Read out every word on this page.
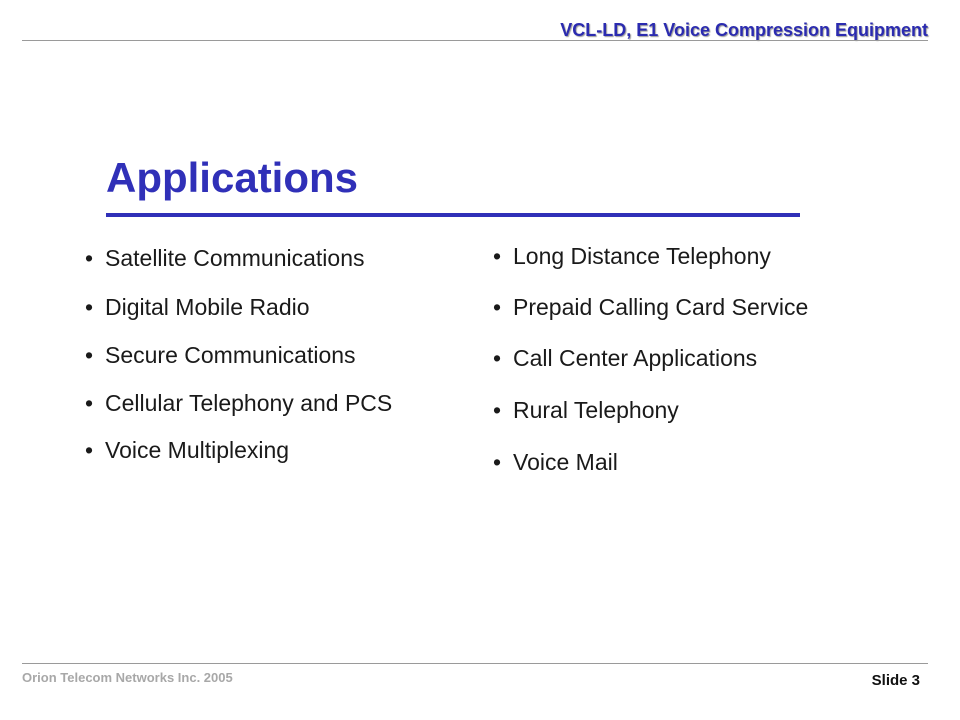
VCL-LD, E1 Voice Compression Equipment
Applications
• Satellite Communications
• Digital Mobile Radio
• Secure Communications
• Cellular Telephony and PCS
• Voice Multiplexing
• Long Distance Telephony
• Prepaid Calling Card Service
• Call Center Applications
• Rural Telephony
• Voice Mail
Orion Telecom Networks Inc. 2005	Slide 3
